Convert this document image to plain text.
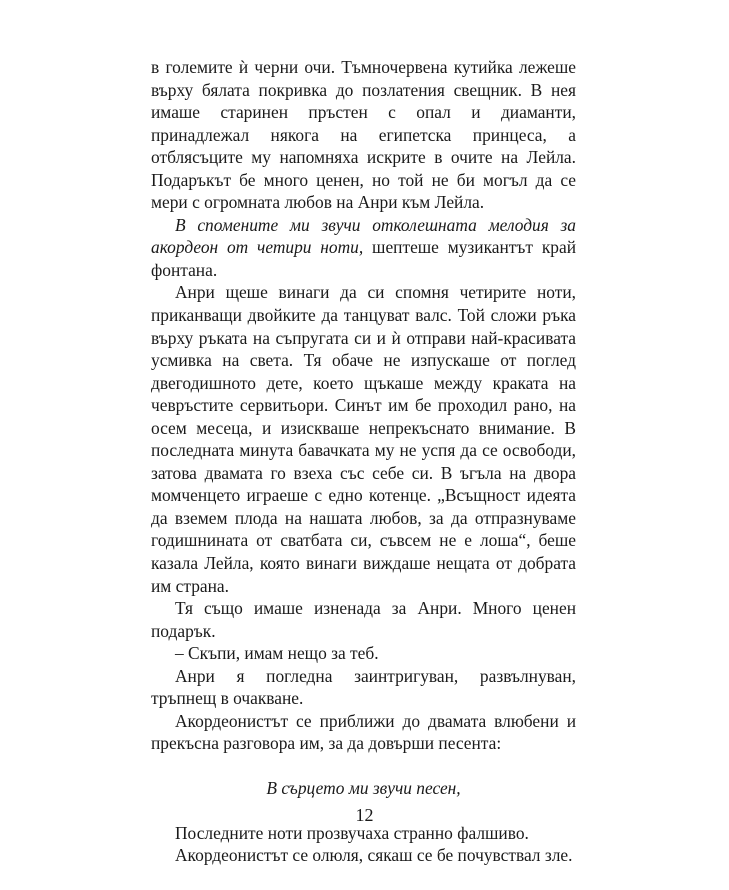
в големите ѝ черни очи. Тъмночервена кутийка лежеше върху бялата покривка до позлатения свещник. В нея имаше старинен пръстен с опал и диаманти, принадлежал някога на египетска принцеса, а отблясъците му напомняха искрите в очите на Лейла. Подаръкът бе много ценен, но той не би могъл да се мери с огромната любов на Анри към Лейла.

В спомените ми звучи отколешната мелодия за акордеон от четири ноти, шептеше музикантът край фонтана.

Анри щеше винаги да си спомня четирите ноти, приканващи двойките да танцуват валс. Той сложи ръка върху ръката на съпругата си и ѝ отправи най-красивата усмивка на света. Тя обаче не изпускаше от поглед двегодишното дете, което щъкаше между краката на чевръстите сервитьори. Синът им бе проходил рано, на осем месеца, и изискваше непрекъснато внимание. В последната минута бавачката му не успя да се освободи, затова двамата го взеха със себе си. В ъгъла на двора момченцето играеше с едно котенце. „Всъщност идеята да вземем плода на нашата любов, за да отпразнуваме годишнината от сватбата си, съвсем не е лоша“, беше казала Лейла, която винаги виждаше нещата от добрата им страна.

Тя също имаше изненада за Анри. Много ценен подарък.

– Скъпи, имам нещо за теб.

Анри я погледна заинтригуван, развълнуван, тръпнещ в очакване.

Акордеонистът се приближи до двамата влюбени и прекъсна разговора им, за да довърши песента:

В сърцето ми звучи песен,

Последните ноти прозвучаха странно фалшиво.

Акордеонистът се олюля, сякаш се бе почувствал зле.

12
